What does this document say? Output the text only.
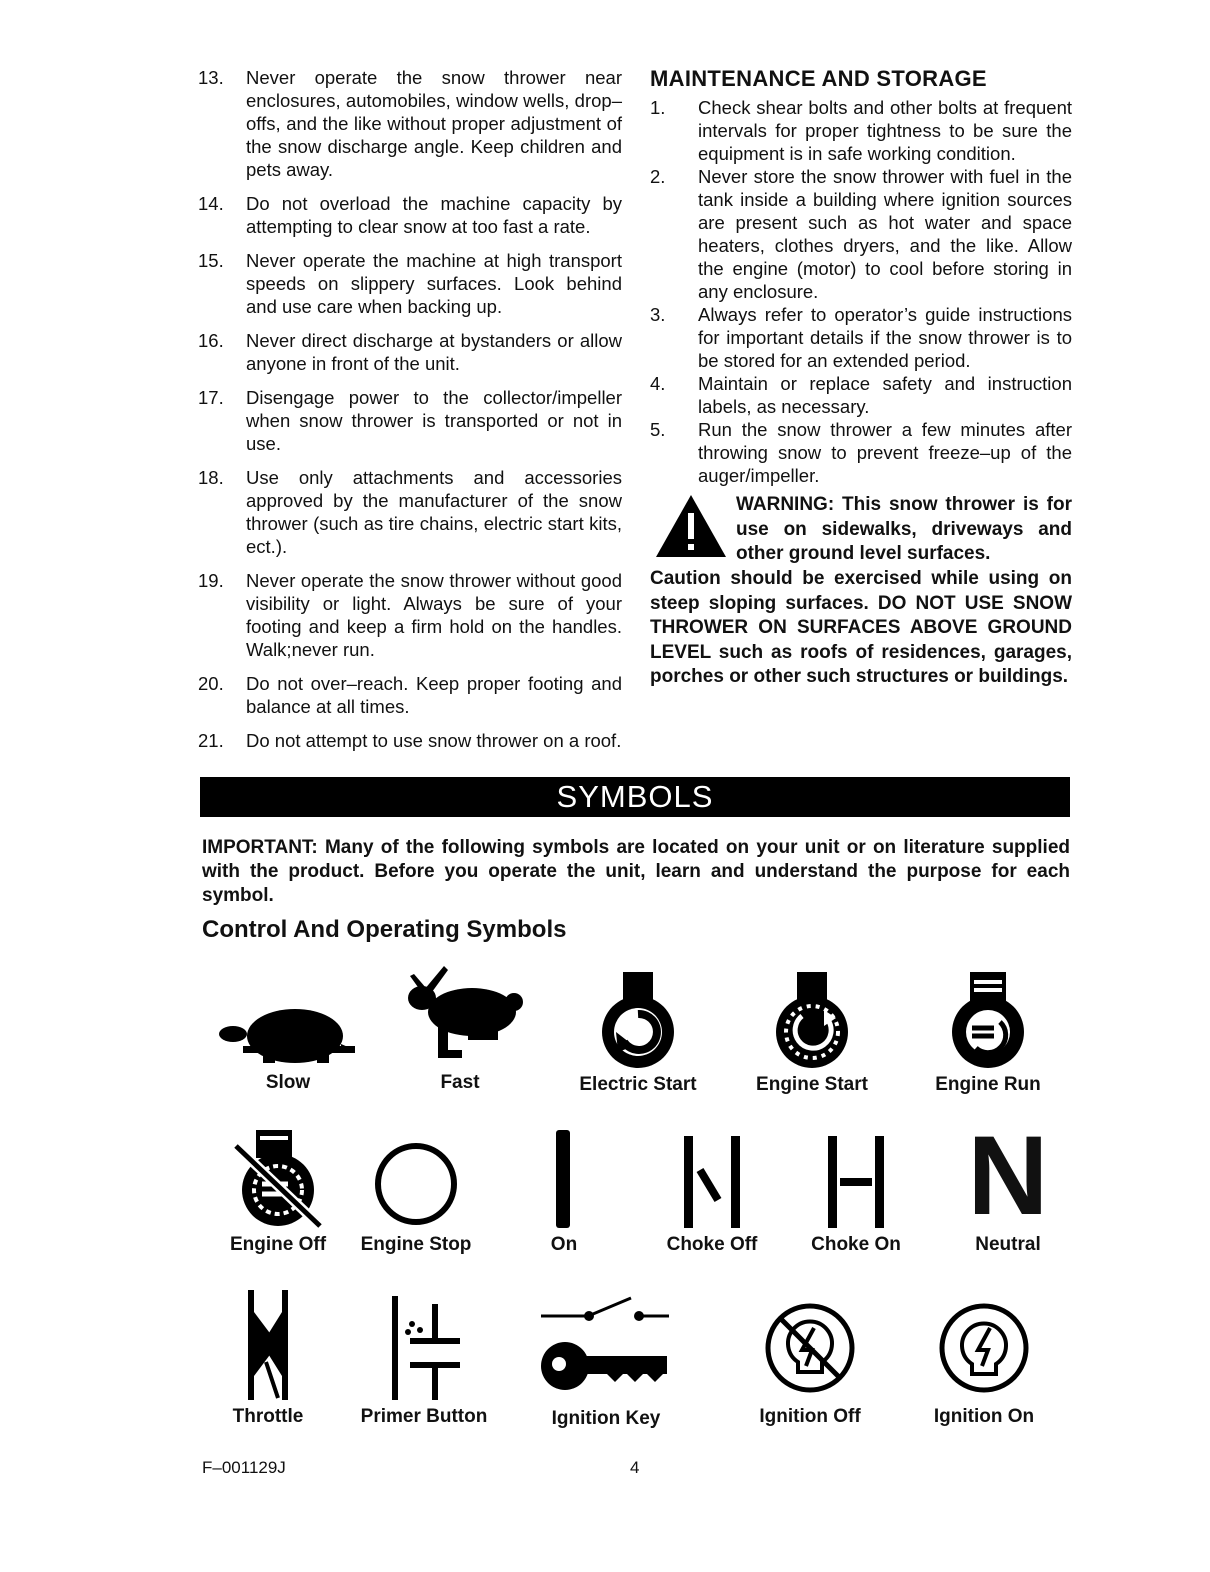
13. Never operate the snow thrower near enclosures, automobiles, window wells, drop–offs, and the like without proper adjustment of the snow discharge angle. Keep children and pets away.
14. Do not overload the machine capacity by attempting to clear snow at too fast a rate.
15. Never operate the machine at high transport speeds on slippery surfaces. Look behind and use care when backing up.
16. Never direct discharge at bystanders or allow anyone in front of the unit.
17. Disengage power to the collector/impeller when snow thrower is transported or not in use.
18. Use only attachments and accessories approved by the manufacturer of the snow thrower (such as tire chains, electric start kits, ect.).
19. Never operate the snow thrower without good visibility or light. Always be sure of your footing and keep a firm hold on the handles. Walk;never run.
20. Do not over–reach. Keep proper footing and balance at all times.
21. Do not attempt to use snow thrower on a roof.
MAINTENANCE AND STORAGE
1. Check shear bolts and other bolts at frequent intervals for proper tightness to be sure the equipment is in safe working condition.
2. Never store the snow thrower with fuel in the tank inside a building where ignition sources are present such as hot water and space heaters, clothes dryers, and the like. Allow the engine (motor) to cool before storing in any enclosure.
3. Always refer to operator’s guide instructions for important details if the snow thrower is to be stored for an extended period.
4. Maintain or replace safety and instruction labels, as necessary.
5. Run the snow thrower a few minutes after throwing snow to prevent freeze–up of the auger/impeller.
WARNING: This snow thrower is for use on sidewalks, driveways and other ground level surfaces.
Caution should be exercised while using on steep sloping surfaces. DO NOT USE SNOW THROWER ON SURFACES ABOVE GROUND LEVEL such as roofs of residences, garages, porches or other such structures or buildings.
SYMBOLS
IMPORTANT: Many of the following symbols are located on your unit or on literature supplied with the product. Before you operate the unit, learn and understand the purpose for each symbol.
Control And Operating Symbols
Slow	Fast	Electric Start	Engine Start	Engine Run
Engine Off	Engine Stop	On	Choke Off	Choke On
N
Neutral
Throttle	Primer Button	Ignition Key	Ignition Off	Ignition On
F–001129J	4
